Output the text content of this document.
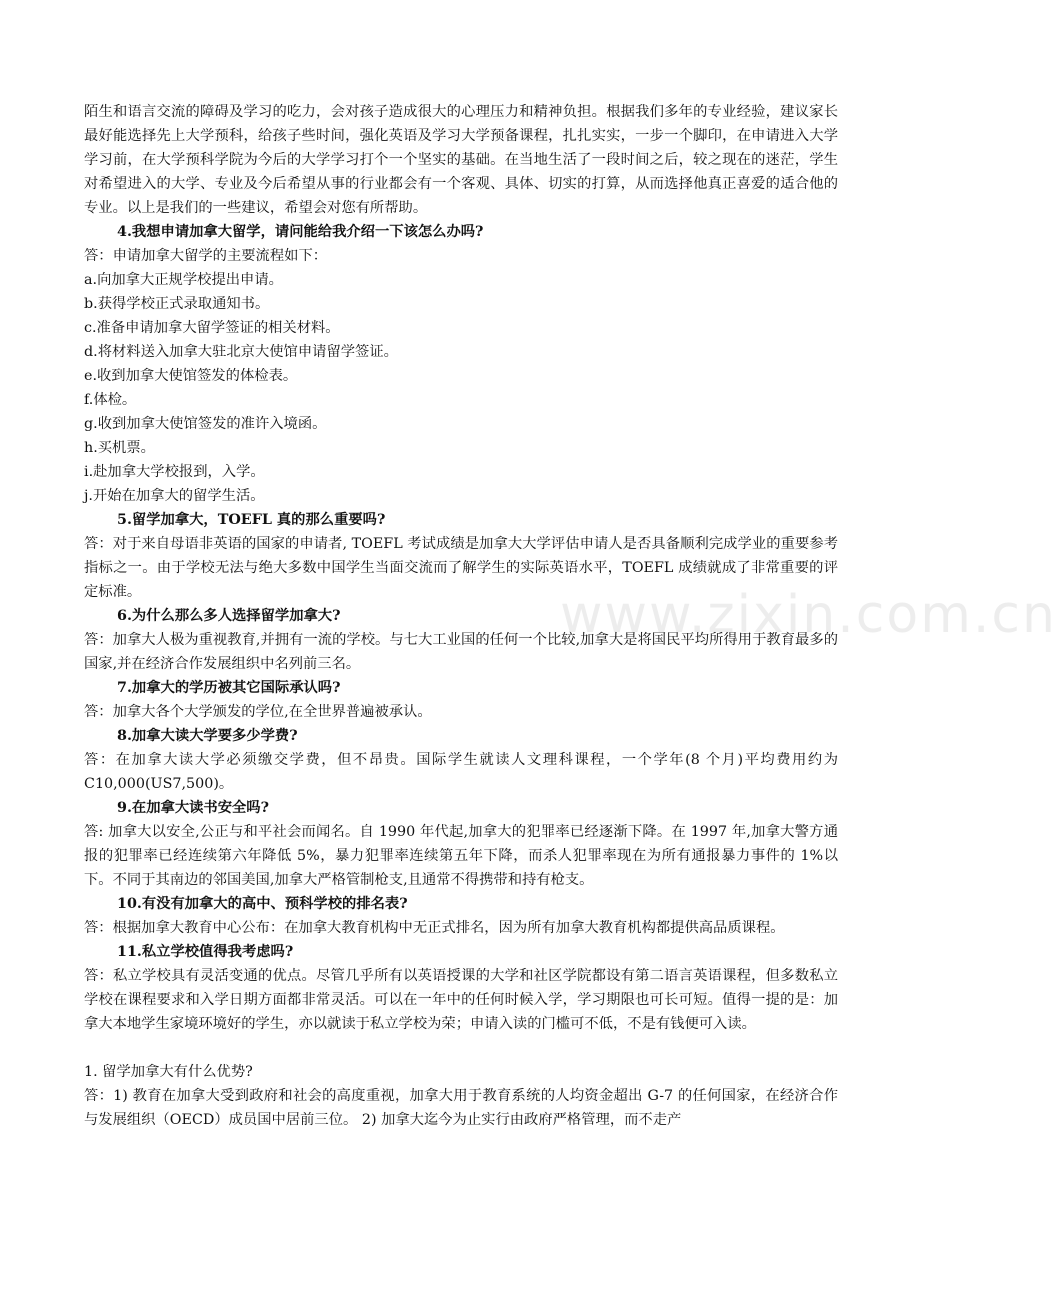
www.zixin.com.cn

陌生和语言交流的障碍及学习的吃力，会对孩子造成很大的心理压力和精神负担。根据我们多年的专业经验，建议家长最好能选择先上大学预科，给孩子些时间，强化英语及学习大学预备课程，扎扎实实，一步一个脚印，在申请进入大学学习前，在大学预科学院为今后的大学学习打个一个坚实的基础。在当地生活了一段时间之后，较之现在的迷茫，学生对希望进入的大学、专业及今后希望从事的行业都会有一个客观、具体、切实的打算，从而选择他真正喜爱的适合他的专业。以上是我们的一些建议，希望会对您有所帮助。

4.我想申请加拿大留学，请问能给我介绍一下该怎么办吗?

答：申请加拿大留学的主要流程如下：

a.向加拿大正规学校提出申请。

b.获得学校正式录取通知书。

c.准备申请加拿大留学签证的相关材料。

d.将材料送入加拿大驻北京大使馆申请留学签证。

e.收到加拿大使馆签发的体检表。

f.体检。

g.收到加拿大使馆签发的准许入境函。

h.买机票。

i.赴加拿大学校报到，入学。

j.开始在加拿大的留学生活。

5.留学加拿大，TOEFL 真的那么重要吗?

答：对于来自母语非英语的国家的申请者, TOEFL 考试成绩是加拿大大学评估申请人是否具备顺利完成学业的重要参考指标之一。由于学校无法与绝大多数中国学生当面交流而了解学生的实际英语水平，TOEFL 成绩就成了非常重要的评定标准。

6.为什么那么多人选择留学加拿大?

答：加拿大人极为重视教育,并拥有一流的学校。与七大工业国的任何一个比较,加拿大是将国民平均所得用于教育最多的国家,并在经济合作发展组织中名列前三名。

7.加拿大的学历被其它国际承认吗?

答：加拿大各个大学颁发的学位,在全世界普遍被承认。

8.加拿大读大学要多少学费?

答：在加拿大读大学必须缴交学费，但不昂贵。国际学生就读人文理科课程，一个学年(8 个月)平均费用约为 C10,000(US7,500)。

9.在加拿大读书安全吗?

答: 加拿大以安全,公正与和平社会而闻名。自 1990 年代起,加拿大的犯罪率已经逐渐下降。在 1997 年,加拿大警方通报的犯罪率已经连续第六年降低 5%，暴力犯罪率连续第五年下降，而杀人犯罪率现在为所有通报暴力事件的 1%以下。不同于其南边的邻国美国,加拿大严格管制枪支,且通常不得携带和持有枪支。

10.有没有加拿大的高中、预科学校的排名表?

答：根据加拿大教育中心公布：在加拿大教育机构中无正式排名，因为所有加拿大教育机构都提供高品质课程。

11.私立学校值得我考虑吗?

答：私立学校具有灵活变通的优点。尽管几乎所有以英语授课的大学和社区学院都设有第二语言英语课程，但多数私立学校在课程要求和入学日期方面都非常灵活。可以在一年中的任何时候入学，学习期限也可长可短。值得一提的是：加拿大本地学生家境环境好的学生，亦以就读于私立学校为荣；申请入读的门槛可不低，不是有钱便可入读。

1. 留学加拿大有什么优势?

答：1) 教育在加拿大受到政府和社会的高度重视，加拿大用于教育系统的人均资金超出 G-7 的任何国家，在经济合作与发展组织（OECD）成员国中居前三位。 2) 加拿大迄今为止实行由政府严格管理，而不走产
